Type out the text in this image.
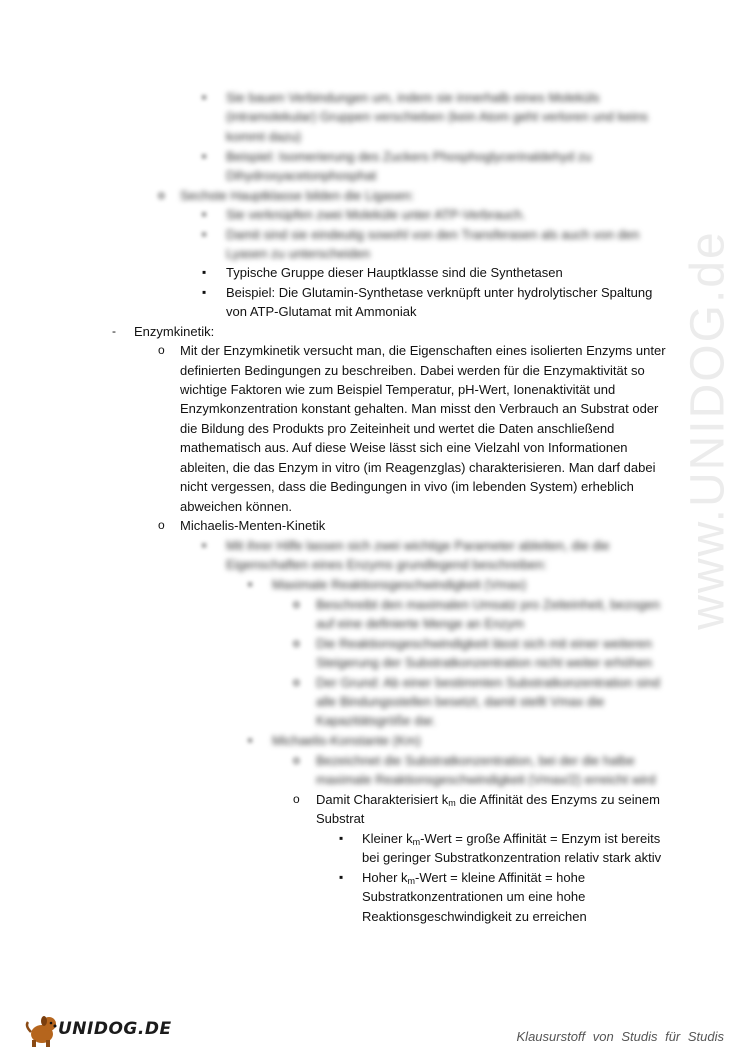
www.UNIDOG.de
▪ Sie bauen Verbindungen um, indem sie innerhalb eines Moleküls
(intramolekular) Gruppen verschieben (kein Atom geht verloren und keins
kommt dazu)
▪ Beispiel: Isomerierung des Zuckers Phosphoglycerinaldehyd zu
Dihydroxyacetonphosphat
o Sechste Hauptklasse bilden die Ligasen:
▪ Sie verknüpfen zwei Moleküle unter ATP-Verbrauch.
▪ Damit sind sie eindeutig sowohl von den Transferasen als auch von den
Lyasen zu unterscheiden
▪ Typische Gruppe dieser Hauptklasse sind die Synthetasen
▪ Beispiel: Die Glutamin-Synthetase verknüpft unter hydrolytischer Spaltung
von ATP-Glutamat mit Ammoniak
- Enzymkinetik:
o Mit der Enzymkinetik versucht man, die Eigenschaften eines isolierten Enzyms unter
definierten Bedingungen zu beschreiben. Dabei werden für die Enzymaktivität so
wichtige Faktoren wie zum Beispiel Temperatur, pH-Wert, Ionenaktivität und
Enzymkonzentration konstant gehalten. Man misst den Verbrauch an Substrat oder
die Bildung des Produkts pro Zeiteinheit und wertet die Daten anschließend
mathematisch aus. Auf diese Weise lässt sich eine Vielzahl von Informationen
ableiten, die das Enzym in vitro (im Reagenzglas) charakterisieren. Man darf dabei
nicht vergessen, dass die Bedingungen in vivo (im lebenden System) erheblich
abweichen können.
o Michaelis-Menten-Kinetik
▪ Mit ihrer Hilfe lassen sich zwei wichtige Parameter ableiten, die die
Eigenschaften eines Enzyms grundlegend beschreiben:
▪ Maximale Reaktionsgeschwindigkeit (Vmax)
o Beschreibt den maximalen Umsatz pro Zeiteinheit, bezogen
auf eine definierte Menge an Enzym
o Die Reaktionsgeschwindigkeit lässt sich mit einer weiteren
Steigerung der Substratkonzentration nicht weiter erhöhen
o Der Grund: Ab einer bestimmten Substratkonzentration sind
alle Bindungsstellen besetzt, damit stellt Vmax die
Kapazitätsgröße dar.
▪ Michaelis-Konstante (Km)
o Bezeichnet die Substratkonzentration, bei der die halbe
maximale Reaktionsgeschwindigkeit (Vmax/2) erreicht wird
o Damit Charakterisiert $k_m$ die Affinität des Enzyms zu seinem
Substrat
▪ Kleiner $k_m$-Wert = große Affinität = Enzym ist bereits
bei geringer Substratkonzentration relativ stark aktiv
▪ Hoher $k_m$-Wert = kleine Affinität = hohe
Substratkonzentrationen um eine hohe
Reaktionsgeschwindigkeit zu erreichen
UNIDOG.DE	Klausurstoff von Studis für Studis
